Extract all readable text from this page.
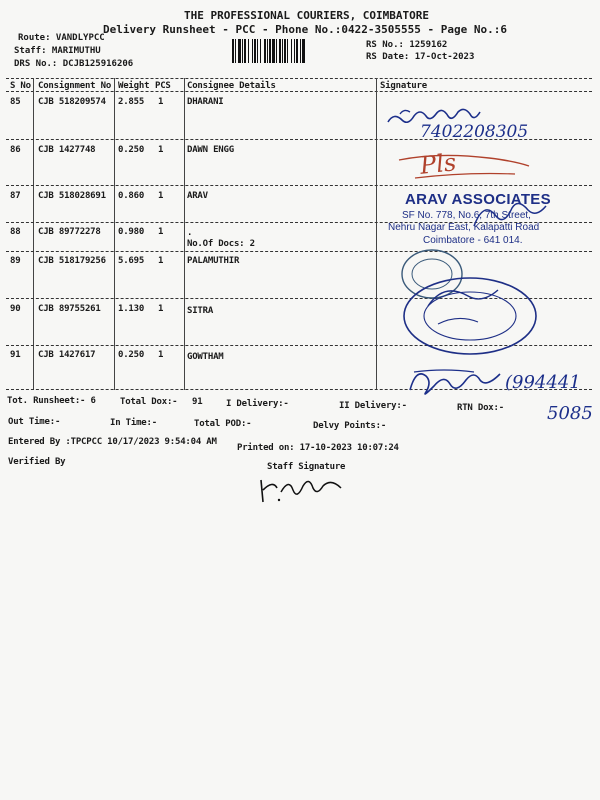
THE PROFESSIONAL COURIERS, COIMBATORE
Delivery Runsheet - PCC - Phone No.:0422-3505555 - Page No.:6
Route: VANDLYPCC
Staff: MARIMUTHU
DRS No.: DCJB125916206
RS No.: 1259162
RS Date: 17-Oct-2023
S No Consignment No Weight PCS Consignee Details	Signature
85 CJB 518209574 2.855 1	DHARANI
86 CJB 1427748	0.250 1	DAWN ENGG
87 CJB 518028691 0.860 1	ARAV
88 CJB 89772278 0.980 1	.
No.Of Docs: 2
89 CJB 518179256 5.695 1	PALAMUTHIR
90 CJB 89755261 1.130 1	SITRA
91 CJB 1427617	0.250 1	GOWTHAM
Tot. Runsheet:- 6	Total Dox:- 91	I Delivery:-	II Delivery:-	RTN Dox:-
Out Time:-	In Time:-	Total POD:-	Delvy Points:-
Entered By :TPCPCC 10/17/2023 9:54:04 AM
Printed on: 17-10-2023 10:07:24
Verified By	Staff Signature
7402208305
Pls
ARAV ASSOCIATES
SF No. 778, No.6, 7th Street,
Nehru Nagar East, Kalapatti Road
Coimbatore - 641 014.
(994441
5085
